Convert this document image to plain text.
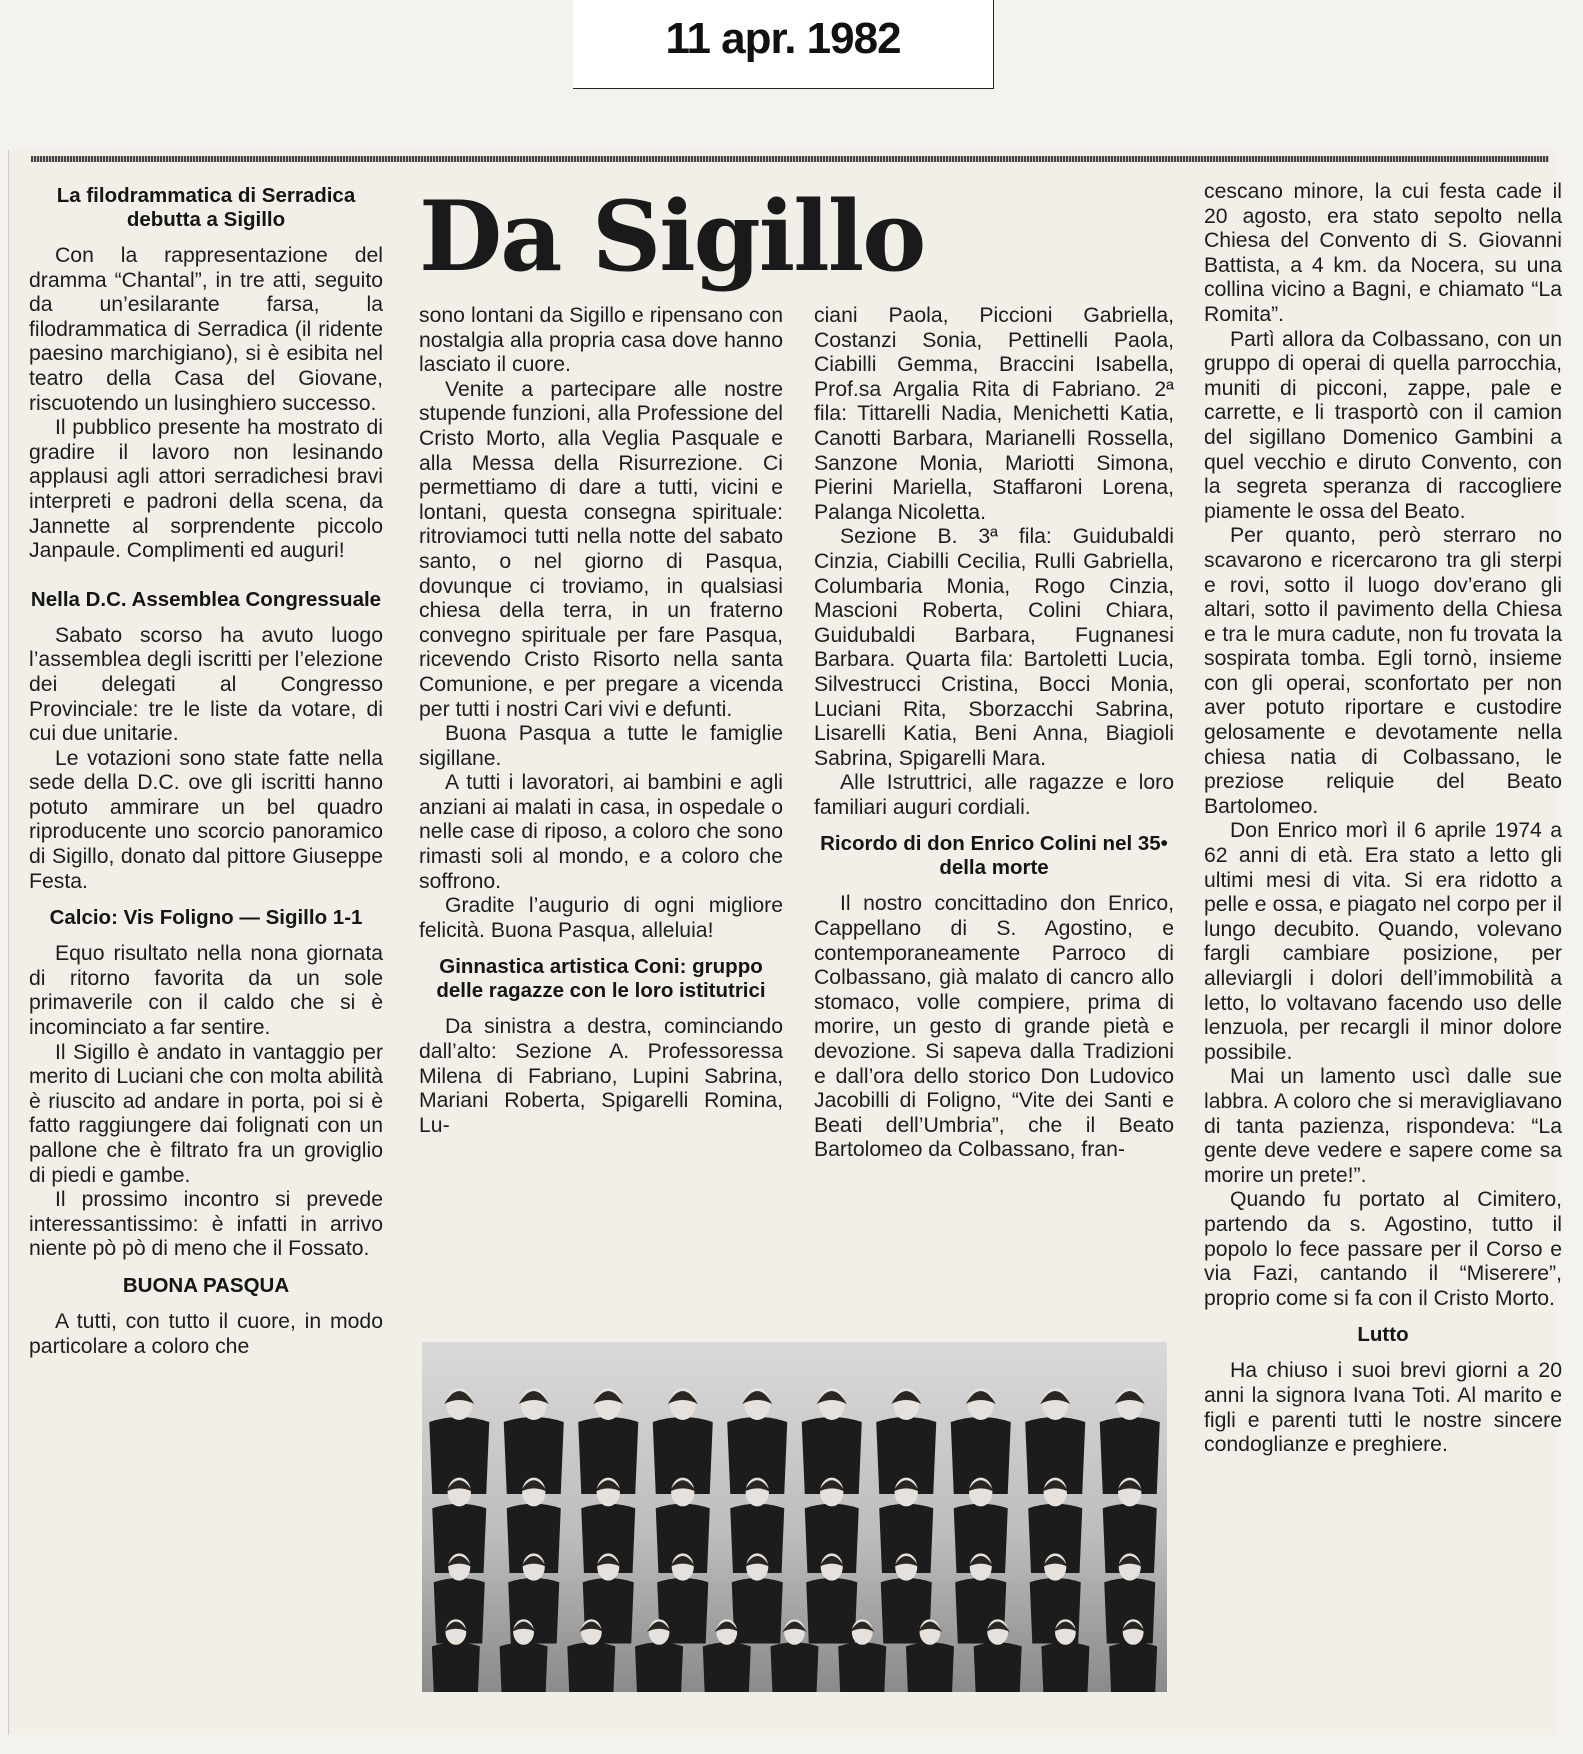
11 apr. 1982
Da Sigillo
La filodrammatica di Serradica debutta a Sigillo

Con la rappresentazione del dramma “Chantal”, in tre atti, seguito da un’esilarante farsa, la filodrammatica di Serradica (il ridente paesino marchigiano), si è esibita nel teatro della Casa del Giovane, riscuotendo un lusinghiero successo.

Il pubblico presente ha mostrato di gradire il lavoro non lesinando applausi agli attori serradichesi bravi interpreti e padroni della scena, da Jannette al sorprendente piccolo Janpaule. Complimenti ed auguri!

Nella D.C. Assemblea Congressuale

Sabato scorso ha avuto luogo l’assemblea degli iscritti per l’elezione dei delegati al Congresso Provinciale: tre le liste da votare, di cui due unitarie.

Le votazioni sono state fatte nella sede della D.C. ove gli iscritti hanno potuto ammirare un bel quadro riproducente uno scorcio panoramico di Sigillo, donato dal pittore Giuseppe Festa.

Calcio: Vis Foligno — Sigillo 1-1

Equo risultato nella nona giornata di ritorno favorita da un sole primaverile con il caldo che si è incominciato a far sentire.

Il Sigillo è andato in vantaggio per merito di Luciani che con molta abilità è riuscito ad andare in porta, poi si è fatto raggiungere dai folignati con un pallone che è filtrato fra un groviglio di piedi e gambe.

Il prossimo incontro si prevede interessantissimo: è infatti in arrivo niente pò pò di meno che il Fossato.

BUONA PASQUA

A tutti, con tutto il cuore, in modo particolare a coloro che

sono lontani da Sigillo e ripensano con nostalgia alla propria casa dove hanno lasciato il cuore.

Venite a partecipare alle nostre stupende funzioni, alla Professione del Cristo Morto, alla Veglia Pasquale e alla Messa della Risurrezione. Ci permettiamo di dare a tutti, vicini e lontani, questa consegna spirituale: ritroviamoci tutti nella notte del sabato santo, o nel giorno di Pasqua, dovunque ci troviamo, in qualsiasi chiesa della terra, in un fraterno convegno spirituale per fare Pasqua, ricevendo Cristo Risorto nella santa Comunione, e per pregare a vicenda per tutti i nostri Cari vivi e defunti.

Buona Pasqua a tutte le famiglie sigillane.

A tutti i lavoratori, ai bambini e agli anziani ai malati in casa, in ospedale o nelle case di riposo, a coloro che sono rimasti soli al mondo, e a coloro che soffrono.

Gradite l’augurio di ogni migliore felicità. Buona Pasqua, alleluia!

Ginnastica artistica Coni: gruppo delle ragazze con le loro istitutrici

Da sinistra a destra, cominciando dall’alto: Sezione A. Professoressa Milena di Fabriano, Lupini Sabrina, Mariani Roberta, Spigarelli Romina, Lu-

ciani Paola, Piccioni Gabriella, Costanzi Sonia, Pettinelli Paola, Ciabilli Gemma, Braccini Isabella, Prof.sa Argalia Rita di Fabriano. 2ª fila: Tittarelli Nadia, Menichetti Katia, Canotti Barbara, Marianelli Rossella, Sanzone Monia, Mariotti Simona, Pierini Mariella, Staffaroni Lorena, Palanga Nicoletta.

Sezione B. 3ª fila: Guidubaldi Cinzia, Ciabilli Cecilia, Rulli Gabriella, Columbaria Monia, Rogo Cinzia, Mascioni Roberta, Colini Chiara, Guidubaldi Barbara, Fugnanesi Barbara. Quarta fila: Bartoletti Lucia, Silvestrucci Cristina, Bocci Monia, Luciani Rita, Sborzacchi Sabrina, Lisarelli Katia, Beni Anna, Biagioli Sabrina, Spigarelli Mara.

Alle Istruttrici, alle ragazze e loro familiari auguri cordiali.

Ricordo di don Enrico Colini nel 35• della morte

Il nostro concittadino don Enrico, Cappellano di S. Agostino, e contemporaneamente Parroco di Colbassano, già malato di cancro allo stomaco, volle compiere, prima di morire, un gesto di grande pietà e devozione. Si sapeva dalla Tradizioni e dall’ora dello storico Don Ludovico Jacobilli di Foligno, “Vite dei Santi e Beati dell’Umbria”, che il Beato Bartolomeo da Colbassano, fran-

cescano minore, la cui festa cade il 20 agosto, era stato sepolto nella Chiesa del Convento di S. Giovanni Battista, a 4 km. da Nocera, su una collina vicino a Bagni, e chiamato “La Romita”.

Partì allora da Colbassano, con un gruppo di operai di quella parrocchia, muniti di picconi, zappe, pale e carrette, e li trasportò con il camion del sigillano Domenico Gambini a quel vecchio e diruto Convento, con la segreta speranza di raccogliere piamente le ossa del Beato.

Per quanto, però sterraro no scavarono e ricercarono tra gli sterpi e rovi, sotto il luogo dov’erano gli altari, sotto il pavimento della Chiesa e tra le mura cadute, non fu trovata la sospirata tomba. Egli tornò, insieme con gli operai, sconfortato per non aver potuto riportare e custodire gelosamente e devotamente nella chiesa natia di Colbassano, le preziose reliquie del Beato Bartolomeo.

Don Enrico morì il 6 aprile 1974 a 62 anni di età. Era stato a letto gli ultimi mesi di vita. Si era ridotto a pelle e ossa, e piagato nel corpo per il lungo decubito. Quando, volevano fargli cambiare posizione, per alleviargli i dolori dell’immobilità a letto, lo voltavano facendo uso delle lenzuola, per recargli il minor dolore possibile.

Mai un lamento uscì dalle sue labbra. A coloro che si meravigliavano di tanta pazienza, rispondeva: “La gente deve vedere e sapere come sa morire un prete!”.

Quando fu portato al Cimitero, partendo da s. Agostino, tutto il popolo lo fece passare per il Corso e via Fazi, cantando il “Miserere”, proprio come si fa con il Cristo Morto.

Lutto

Ha chiuso i suoi brevi giorni a 20 anni la signora Ivana Toti. Al marito e figli e parenti tutti le nostre sincere condoglianze e preghiere.
